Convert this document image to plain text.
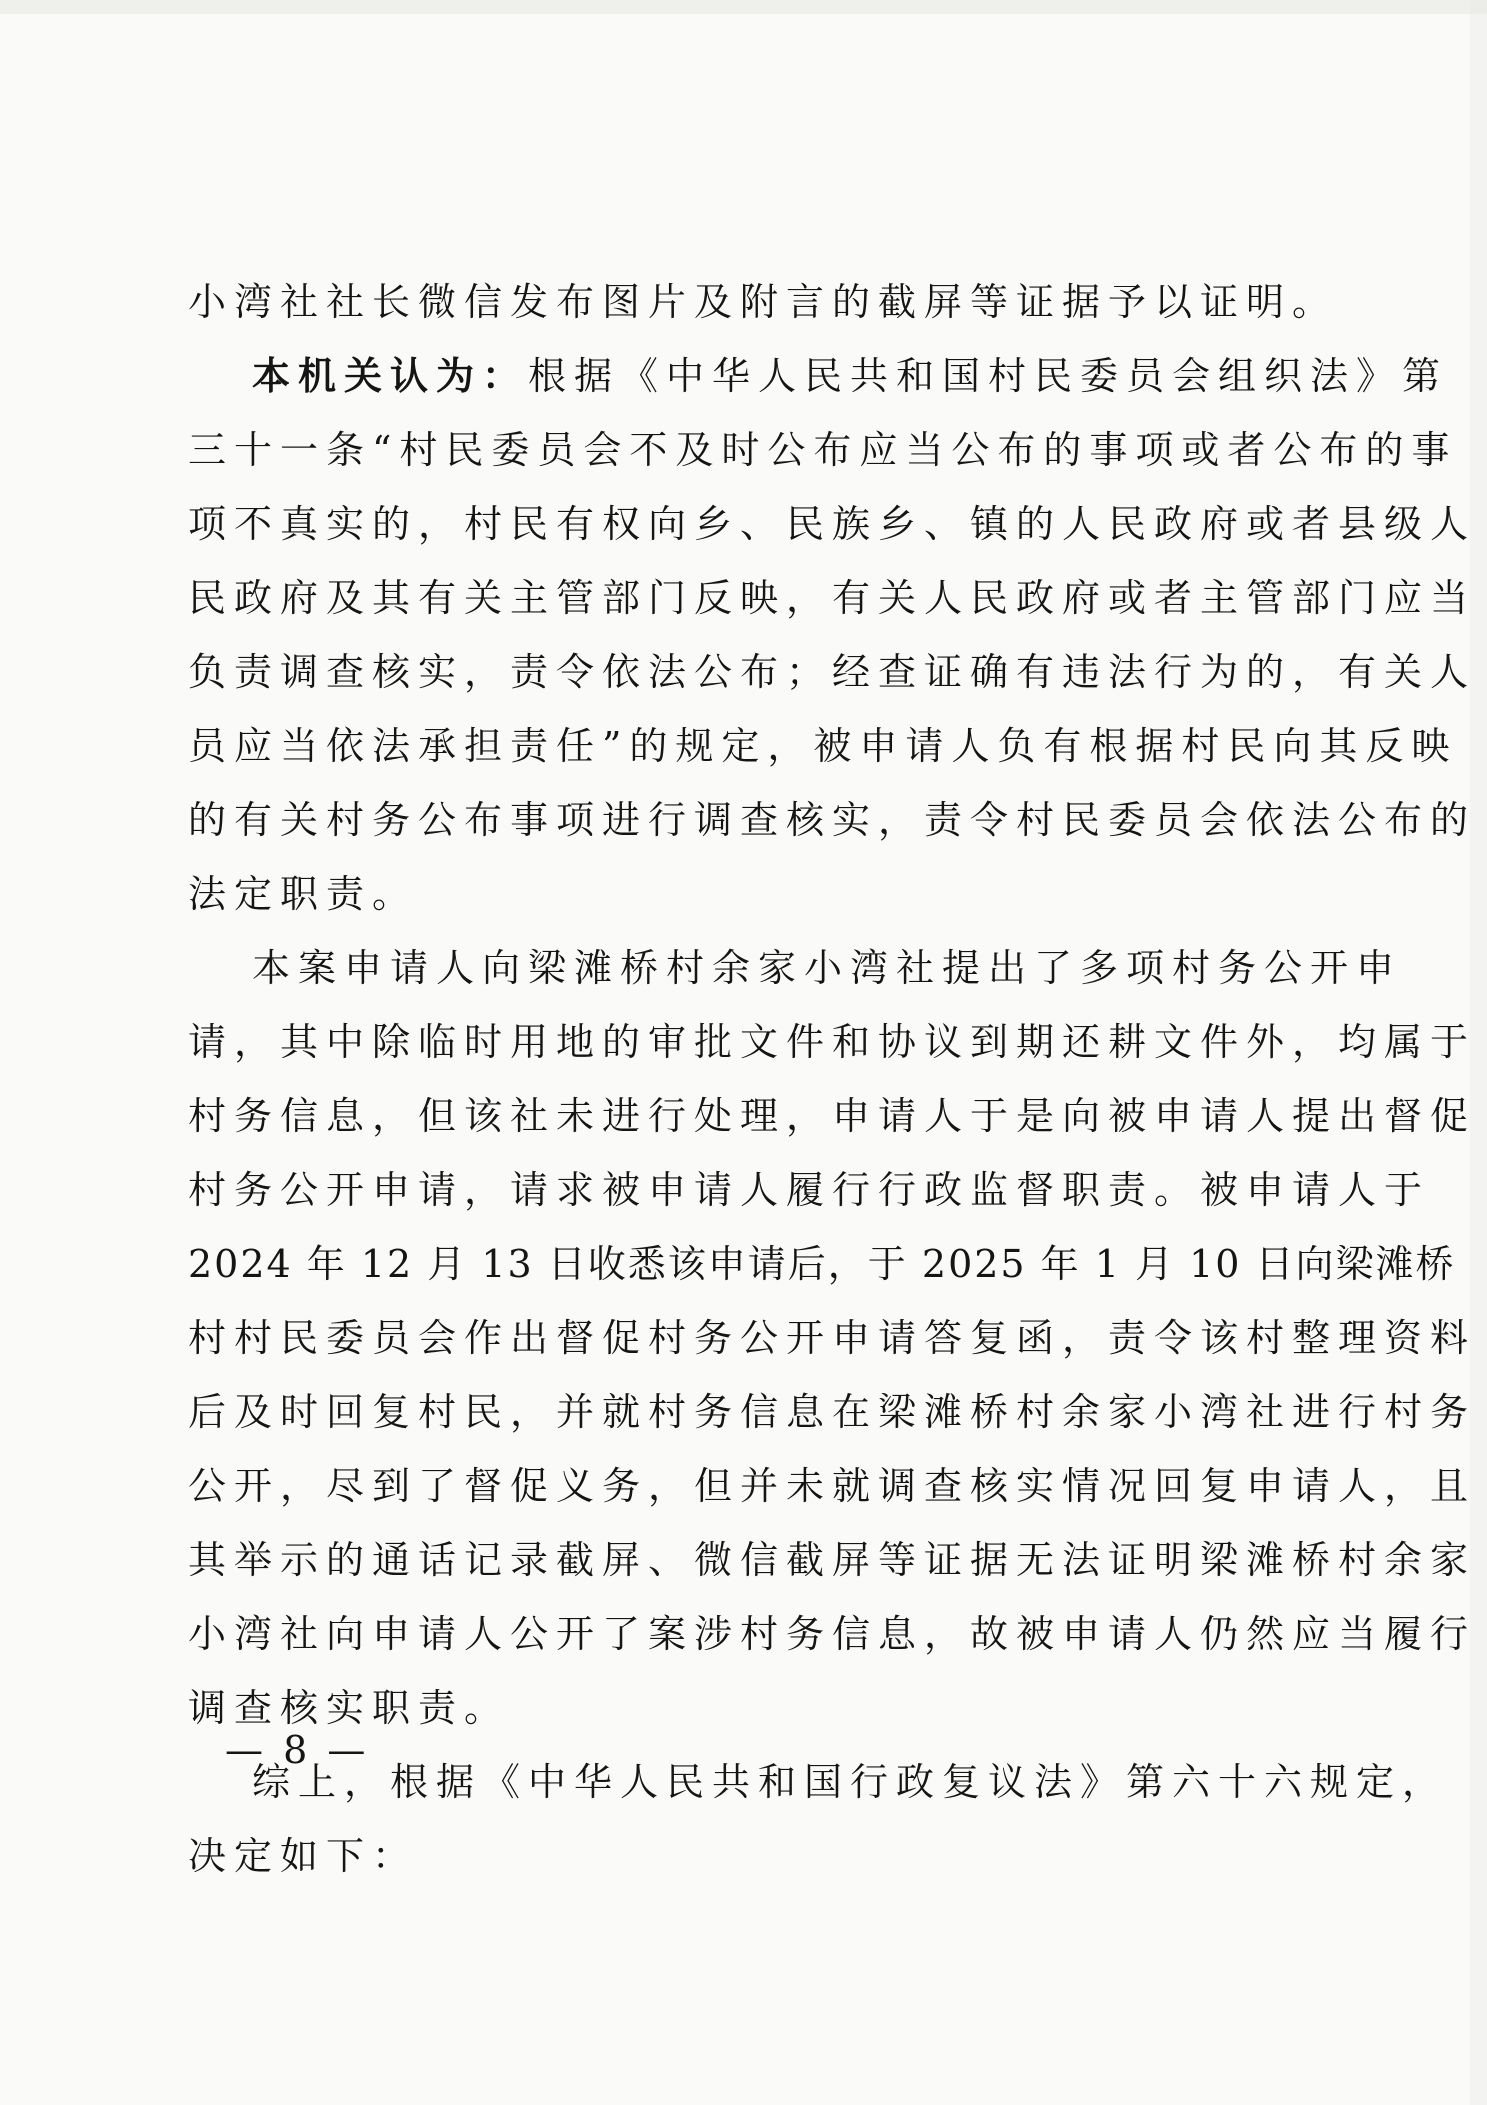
小湾社社长微信发布图片及附言的截屏等证据予以证明。
本机关认为：根据《中华人民共和国村民委员会组织法》第
三十一条“村民委员会不及时公布应当公布的事项或者公布的事
项不真实的，村民有权向乡、民族乡、镇的人民政府或者县级人
民政府及其有关主管部门反映，有关人民政府或者主管部门应当
负责调查核实，责令依法公布；经查证确有违法行为的，有关人
员应当依法承担责任”的规定，被申请人负有根据村民向其反映
的有关村务公布事项进行调查核实，责令村民委员会依法公布的
法定职责。
本案申请人向梁滩桥村余家小湾社提出了多项村务公开申
请，其中除临时用地的审批文件和协议到期还耕文件外，均属于
村务信息，但该社未进行处理，申请人于是向被申请人提出督促
村务公开申请，请求被申请人履行行政监督职责。被申请人于
2024 年 12 月 13 日收悉该申请后，于 2025 年 1 月 10 日向梁滩桥
村村民委员会作出督促村务公开申请答复函，责令该村整理资料
后及时回复村民，并就村务信息在梁滩桥村余家小湾社进行村务
公开，尽到了督促义务，但并未就调查核实情况回复申请人，且
其举示的通话记录截屏、微信截屏等证据无法证明梁滩桥村余家
小湾社向申请人公开了案涉村务信息，故被申请人仍然应当履行
调查核实职责。
综上，根据《中华人民共和国行政复议法》第六十六规定，
决定如下：
— 8 —
